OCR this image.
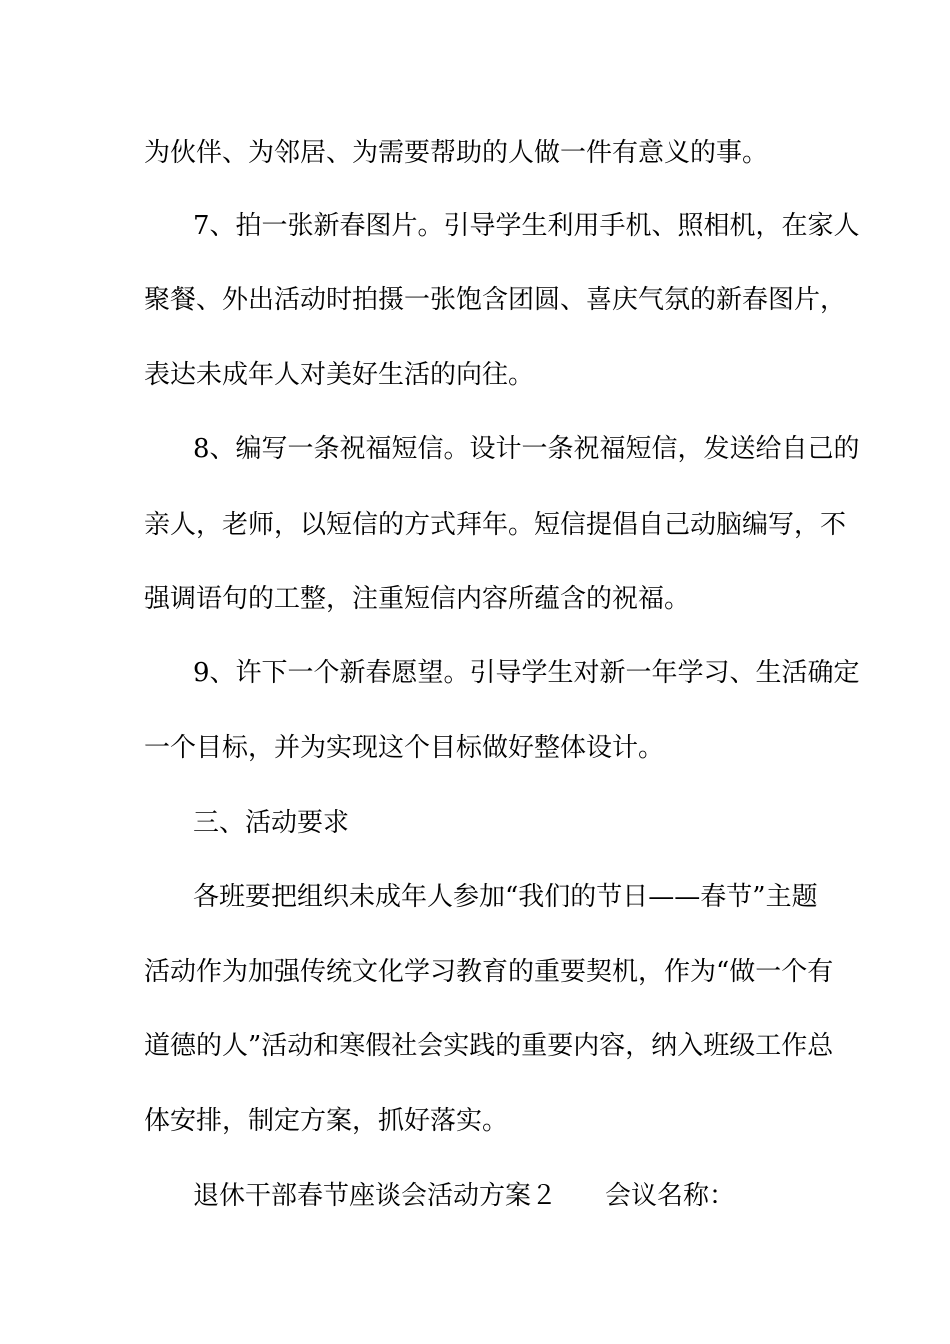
为伙伴、为邻居、为需要帮助的人做一件有意义的事。
7、拍一张新春图片。引导学生利用手机、照相机，在家人
聚餐、外出活动时拍摄一张饱含团圆、喜庆气氛的新春图片，
表达未成年人对美好生活的向往。
8、编写一条祝福短信。设计一条祝福短信，发送给自己的
亲人，老师，以短信的方式拜年。短信提倡自己动脑编写，不
强调语句的工整，注重短信内容所蕴含的祝福。
9、许下一个新春愿望。引导学生对新一年学习、生活确定
一个目标，并为实现这个目标做好整体设计。
三、活动要求
各班要把组织未成年人参加“我们的节日——春节”主题
活动作为加强传统文化学习教育的重要契机，作为“做一个有
道德的人”活动和寒假社会实践的重要内容，纳入班级工作总
体安排，制定方案，抓好落实。
退休干部春节座谈会活动方案２ 会议名称：
